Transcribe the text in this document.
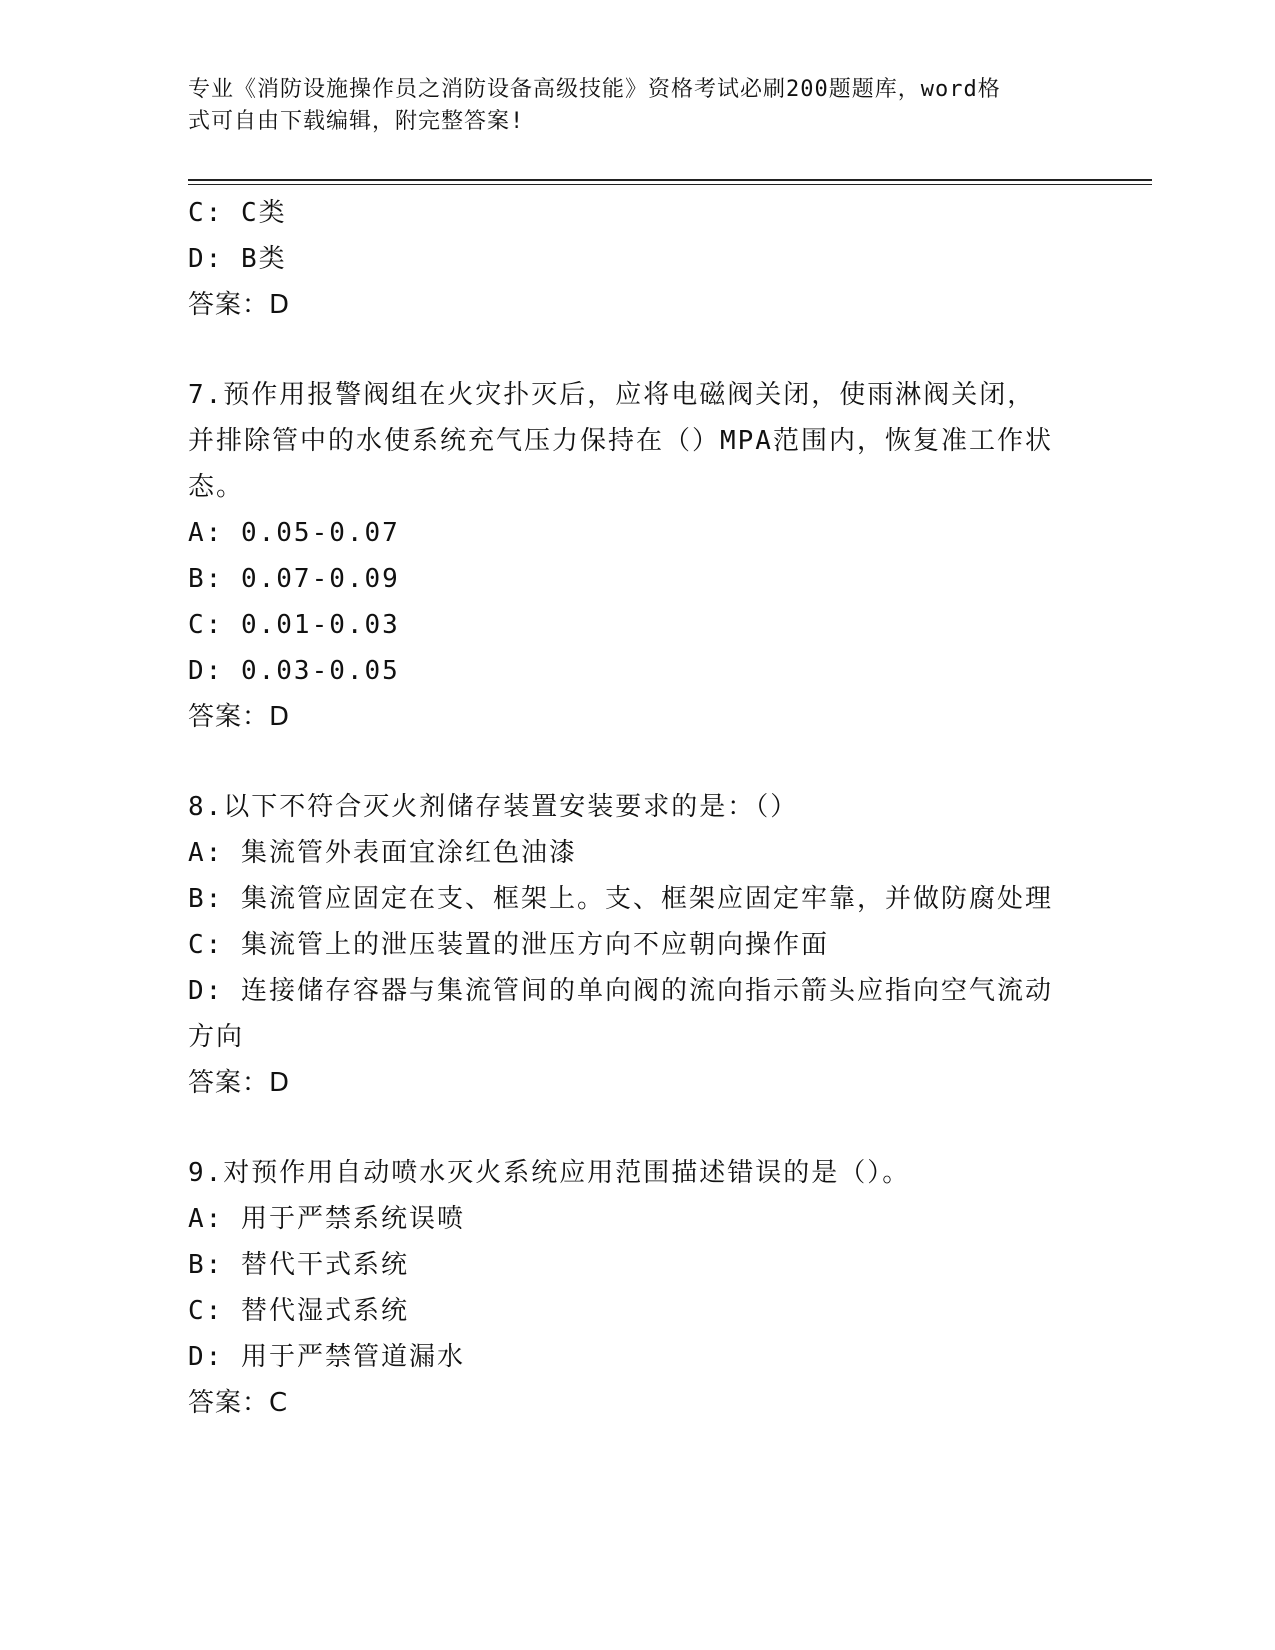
专业《消防设施操作员之消防设备高级技能》资格考试必刷200题题库，word格
式可自由下载编辑，附完整答案!
C: C类
D: B类
答案：D
7.预作用报警阀组在火灾扑灭后，应将电磁阀关闭，使雨淋阀关闭，
并排除管中的水使系统充气压力保持在（）MPA范围内，恢复准工作状
态。
A: 0.05-0.07
B: 0.07-0.09
C: 0.01-0.03
D: 0.03-0.05
答案：D
8.以下不符合灭火剂储存装置安装要求的是：（）
A: 集流管外表面宜涂红色油漆
B: 集流管应固定在支、框架上。支、框架应固定牢靠，并做防腐处理
C: 集流管上的泄压装置的泄压方向不应朝向操作面
D: 连接储存容器与集流管间的单向阀的流向指示箭头应指向空气流动
方向
答案：D
9.对预作用自动喷水灭火系统应用范围描述错误的是（）。
A: 用于严禁系统误喷
B: 替代干式系统
C: 替代湿式系统
D: 用于严禁管道漏水
答案：C
